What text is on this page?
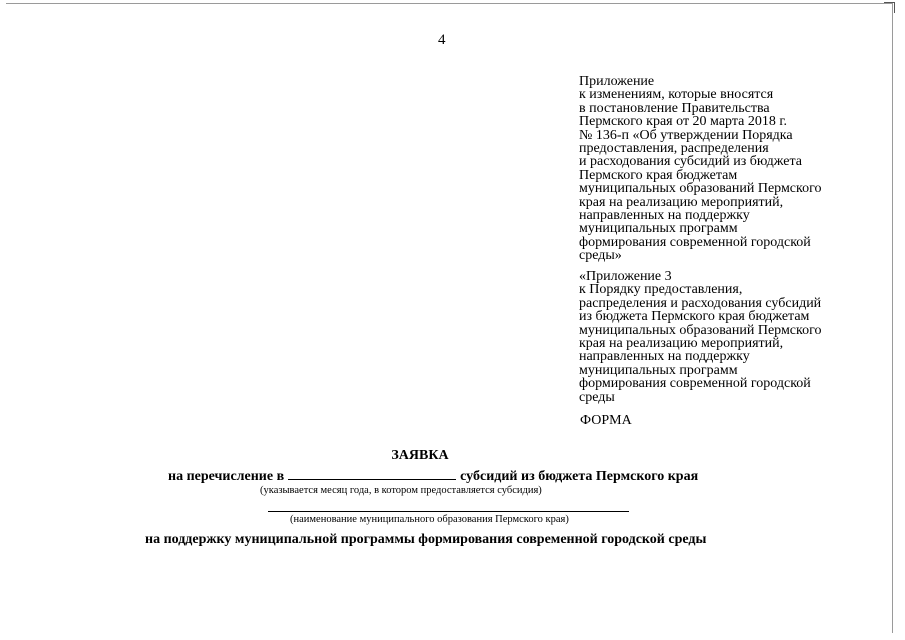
4
Приложение
к изменениям, которые вносятся
в постановление Правительства
Пермского края от 20 марта 2018 г.
№ 136-п «Об утверждении Порядка
предоставления, распределения
и расходования субсидий из бюджета
Пермского края бюджетам
муниципальных образований Пермского
края на реализацию мероприятий,
направленных на поддержку
муниципальных программ
формирования современной городской
среды»
«Приложение 3
к Порядку предоставления,
распределения и расходования субсидий
из бюджета Пермского края бюджетам
муниципальных образований Пермского
края на реализацию мероприятий,
направленных на поддержку
муниципальных программ
формирования современной городской
среды
ФОРМА
ЗАЯВКА
на перечисление в	субсидий из бюджета Пермского края
(указывается месяц года, в котором предоставляется субсидия)
(наименование муниципального образования Пермского края)
на поддержку муниципальной программы формирования современной городской среды
